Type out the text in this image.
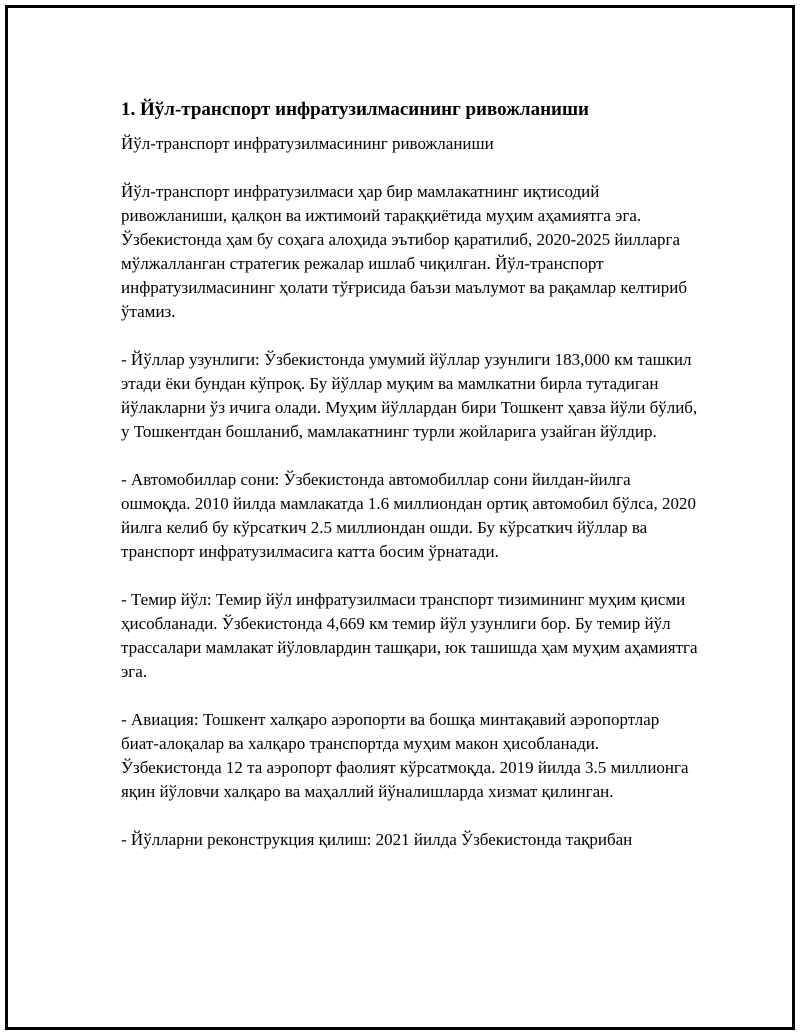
1. Йўл-транспорт инфратузилмасининг ривожланиши
Йўл-транспорт инфратузилмасининг ривожланиши

Йўл-транспорт инфратузилмаси ҳар бир мамлакатнинг иқтисодий ривожланиши, қалқон ва ижтимоий тараққиётида муҳим аҳамиятга эга. Ўзбекистонда ҳам бу соҳага алоҳида эътибор қаратилиб, 2020-2025 йилларга мўлжалланган стратегик режалар ишлаб чиқилган. Йўл-транспорт инфратузилмасининг ҳолати тўғрисида баъзи маълумот ва рақамлар келтириб ўтамиз.

- Йўллар узунлиги: Ўзбекистонда умумий йўллар узунлиги 183,000 км ташкил этади ёки бундан кўпроқ. Бу йўллар муқим ва мамлкатни бирла тутадиган йўлакларни ўз ичига олади. Муҳим йўллардан бири Тошкент ҳавза йўли бўлиб, у Тошкентдан бошланиб, мамлакатнинг турли жойларига узайган йўлдир.

- Автомобиллар сони: Ўзбекистонда автомобиллар сони йилдан-йилга ошмоқда. 2010 йилда мамлакатда 1.6 миллиондан ортиқ автомобил бўлса, 2020 йилга келиб бу кўрсаткич 2.5 миллиондан ошди. Бу кўрсаткич йўллар ва транспорт инфратузилмасига катта босим ўрнатади.

- Темир йўл: Темир йўл инфратузилмаси транспорт тизимининг муҳим қисми ҳисобланади. Ўзбекистонда 4,669 км темир йўл узунлиги бор. Бу темир йўл трассалари мамлакат йўловлардин ташқари, юк ташишда ҳам муҳим аҳамиятга эга.

- Авиация: Тошкент халқаро аэропорти ва бошқа минтақавий аэропортлар биат-алоқалар ва халқаро транспортда муҳим макон ҳисобланади. Ўзбекистонда 12 та аэропорт фаолият кўрсатмоқда. 2019 йилда 3.5 миллионга яқин йўловчи халқаро ва маҳаллий йўналишларда хизмат қилинган.

- Йўлларни реконструкция қилиш: 2021 йилда Ўзбекистонда тақрибан
